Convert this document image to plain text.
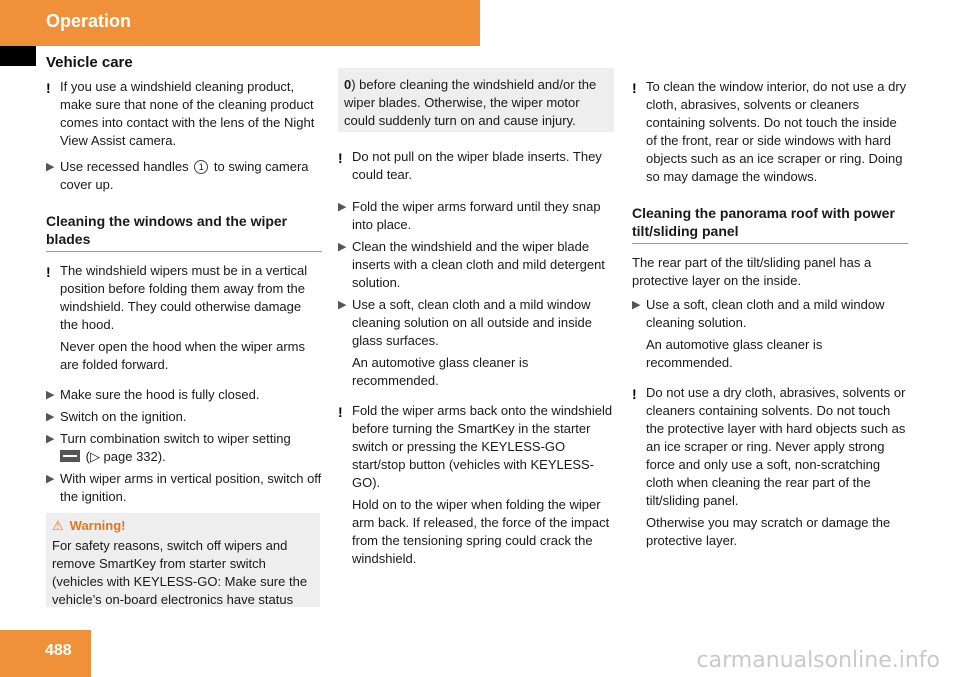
Operation
Vehicle care
! If you use a windshield cleaning product, make sure that none of the cleaning product comes into contact with the lens of the Night View Assist camera.

▶ Use recessed handles 1 to swing camera cover up.
Cleaning the windows and the wiper blades
! The windshield wipers must be in a vertical position before folding them away from the windshield. They could otherwise damage the hood.

Never open the hood when the wiper arms are folded forward.

▶ Make sure the hood is fully closed.
▶ Switch on the ignition.
▶ Turn combination switch to wiper setting
(▷ page 332).
▶ With wiper arms in vertical position, switch off the ignition.
⚠ Warning!

For safety reasons, switch off wipers and remove SmartKey from starter switch (vehicles with KEYLESS-GO: Make sure the vehicle’s on-board electronics have status

0) before cleaning the windshield and/or the wiper blades. Otherwise, the wiper motor could suddenly turn on and cause injury.

! Do not pull on the wiper blade inserts. They could tear.

▶ Fold the wiper arms forward until they snap into place.
▶ Clean the windshield and the wiper blade inserts with a clean cloth and mild detergent solution.
▶ Use a soft, clean cloth and a mild window cleaning solution on all outside and inside glass surfaces.

An automotive glass cleaner is recommended.

! Fold the wiper arms back onto the windshield before turning the SmartKey in the starter switch or pressing the KEYLESS-GO start/stop button (vehicles with KEYLESS-GO).

Hold on to the wiper when folding the wiper arm back. If released, the force of the impact from the tensioning spring could crack the windshield.

! To clean the window interior, do not use a dry cloth, abrasives, solvents or cleaners containing solvents. Do not touch the inside of the front, rear or side windows with hard objects such as an ice scraper or ring. Doing so may damage the windows.

Cleaning the panorama roof with power tilt/sliding panel

The rear part of the tilt/sliding panel has a protective layer on the inside.

▶ Use a soft, clean cloth and a mild window cleaning solution.

An automotive glass cleaner is recommended.

! Do not use a dry cloth, abrasives, solvents or cleaners containing solvents. Do not touch the protective layer with hard objects such as an ice scraper or ring. Never apply strong force and only use a soft, non-scratching cloth when cleaning the rear part of the tilt/sliding panel.

Otherwise you may scratch or damage the protective layer.

488	carmanualsonline.info
